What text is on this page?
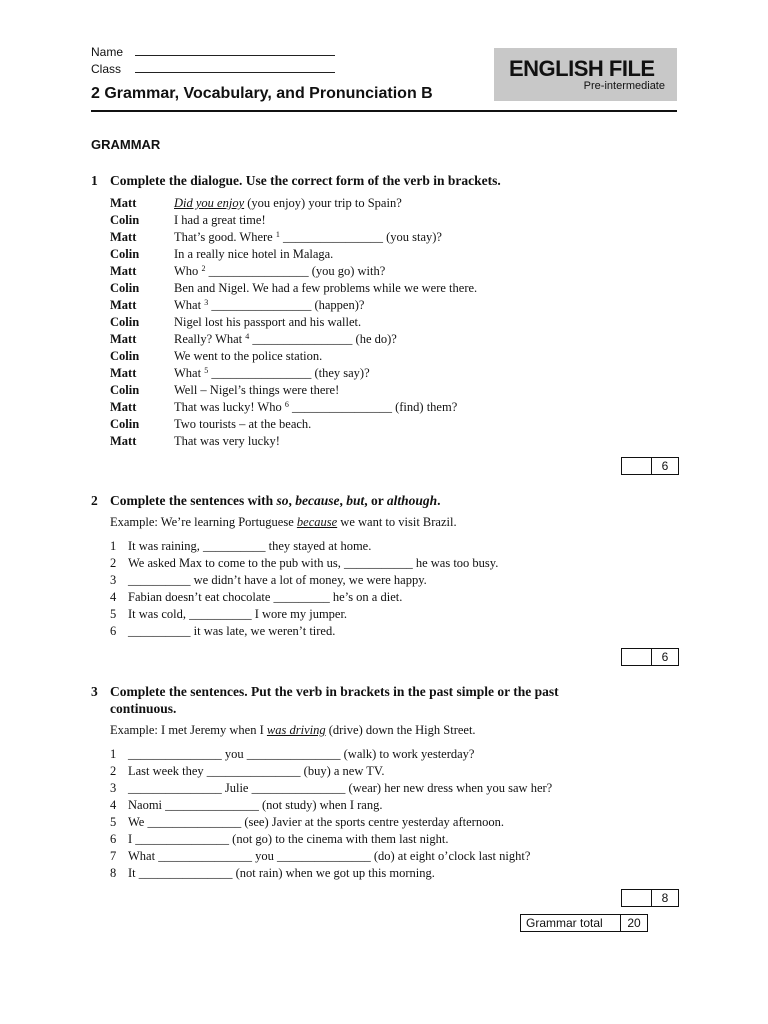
Name
Class	ENGLISH FILE
Pre-intermediate
2 Grammar, Vocabulary, and Pronunciation B
GRAMMAR
1 Complete the dialogue. Use the correct form of the verb in brackets.
Matt	Did you enjoy (you enjoy) your trip to Spain?
Colin	I had a great time!
Matt	That’s good. Where $^1$ ________________ (you stay)?
Colin	In a really nice hotel in Malaga.
Matt	Who $^2$ ________________ (you go) with?
Colin	Ben and Nigel. We had a few problems while we were there.
Matt	What $^3$ ________________ (happen)?
Colin	Nigel lost his passport and his wallet.
Matt	Really? What $^4$ ________________ (he do)?
Colin	We went to the police station.
Matt	What $^5$ ________________ (they say)?
Colin	Well – Nigel’s things were there!
Matt	That was lucky! Who $^6$ ________________ (find) them?
Colin	Two tourists – at the beach.
Matt	That was very lucky!
6
2 Complete the sentences with so, because, but, or although.
Example: We’re learning Portuguese because we want to visit Brazil.
1 It was raining, __________ they stayed at home.
2 We asked Max to come to the pub with us, ___________ he was too busy.
3 __________ we didn’t have a lot of money, we were happy.
4 Fabian doesn’t eat chocolate _________ he’s on a diet.
5 It was cold, __________ I wore my jumper.
6 __________ it was late, we weren’t tired.
6
3 Complete the sentences. Put the verb in brackets in the past simple or the past
continuous.
Example: I met Jeremy when I was driving (drive) down the High Street.
1 _______________ you _______________ (walk) to work yesterday?
2 Last week they _______________ (buy) a new TV.
3 _______________ Julie _______________ (wear) her new dress when you saw her?
4 Naomi _______________ (not study) when I rang.
5 We _______________ (see) Javier at the sports centre yesterday afternoon.
6 I _______________ (not go) to the cinema with them last night.
7 What _______________ you _______________ (do) at eight o’clock last night?
8 It _______________ (not rain) when we got up this morning.
8
Grammar total	20
